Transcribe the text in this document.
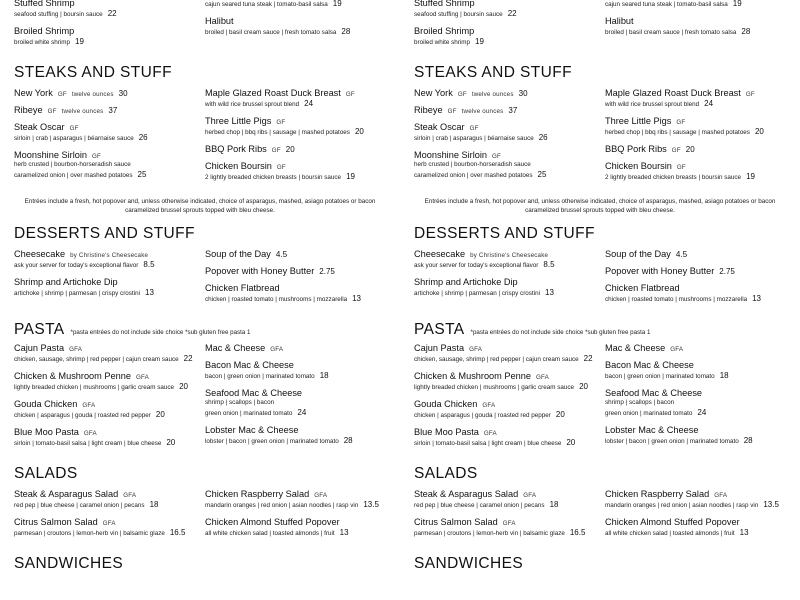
Stuffed Shrimp
seafood stuffing | boursin sauce 22
Broiled Shrimp
broiled white shrimp 19
cajun seared tuna steak | tomato-basil salsa 19
Halibut
broiled | basil cream sauce | fresh tomato salsa 28
STEAKS AND STUFF
New York GF twelve ounces 30
Ribeye GF twelve ounces 37
Steak Oscar GF
sirloin | crab | asparagus | béarnaise sauce 26
Moonshine Sirloin GF
herb crusted | bourbon-horseradish sauce
caramelized onion | over mashed potatoes 25
Maple Glazed Roast Duck Breast GF
with wild rice brussel sprout blend 24
Three Little Pigs GF
herbed chop | bbq ribs | sausage | mashed potatoes 20
BBQ Pork Ribs GF 20
Chicken Boursin GF
2 lightly breaded chicken breasts | boursin sauce 19
Entrées include a fresh, hot popover and, unless otherwise indicated, choice of asparagus, mashed, asiago potatoes or bacon caramelized brussel sprouts topped with bleu cheese.
DESSERTS AND STUFF
Cheesecake by Christine's Cheesecake
ask your server for today's exceptional flavor 8.5
Shrimp and Artichoke Dip
artichoke | shrimp | parmesan | crispy crostini 13
Soup of the Day 4.5
Popover with Honey Butter 2.75
Chicken Flatbread
chicken | roasted tomato | mushrooms | mozzarella 13
PASTA *pasta entrées do not include side choice *sub gluten free pasta 1
Cajun Pasta GFA
chicken, sausage, shrimp | red pepper | cajun cream sauce 22
Chicken & Mushroom Penne GFA
lightly breaded chicken | mushrooms | garlic cream sauce 20
Gouda Chicken GFA
chicken | asparagus | gouda | roasted red pepper 20
Blue Moo Pasta GFA
sirloin | tomato-basil salsa | light cream | blue cheese 20
Mac & Cheese GFA
Bacon Mac & Cheese
bacon | green onion | marinated tomato 18
Seafood Mac & Cheese
shrimp | scallops | bacon
green onion | marinated tomato 24
Lobster Mac & Cheese
lobster | bacon | green onion | marinated tomato 28
SALADS
Steak & Asparagus Salad GFA
red pep | blue cheese | caramel onion | pecans 18
Citrus Salmon Salad GFA
parmesan | croutons | lemon-herb vin | balsamic glaze 16.5
Chicken Raspberry Salad GFA
mandarin oranges | red onion | asian noodles | rasp vin 13.5
Chicken Almond Stuffed Popover
all white chicken salad | toasted almonds | fruit 13
SANDWICHES
Stuffed Shrimp
seafood stuffing | boursin sauce 22
Broiled Shrimp
broiled white shrimp 19
cajun seared tuna steak | tomato-basil salsa 19
Halibut
broiled | basil cream sauce | fresh tomato salsa 28
STEAKS AND STUFF
New York GF twelve ounces 30
Ribeye GF twelve ounces 37
Steak Oscar GF
sirloin | crab | asparagus | béarnaise sauce 26
Moonshine Sirloin GF
herb crusted | bourbon-horseradish sauce
caramelized onion | over mashed potatoes 25
Maple Glazed Roast Duck Breast GF
with wild rice brussel sprout blend 24
Three Little Pigs GF
herbed chop | bbq ribs | sausage | mashed potatoes 20
BBQ Pork Ribs GF 20
Chicken Boursin GF
2 lightly breaded chicken breasts | boursin sauce 19
Entrées include a fresh, hot popover and, unless otherwise indicated, choice of asparagus, mashed, asiago potatoes or bacon caramelized brussel sprouts topped with bleu cheese.
DESSERTS AND STUFF
Cheesecake by Christine's Cheesecake
ask your server for today's exceptional flavor 8.5
Shrimp and Artichoke Dip
artichoke | shrimp | parmesan | crispy crostini 13
Soup of the Day 4.5
Popover with Honey Butter 2.75
Chicken Flatbread
chicken | roasted tomato | mushrooms | mozzarella 13
PASTA *pasta entrées do not include side choice *sub gluten free pasta 1
Cajun Pasta GFA
chicken, sausage, shrimp | red pepper | cajun cream sauce 22
Chicken & Mushroom Penne GFA
lightly breaded chicken | mushrooms | garlic cream sauce 20
Gouda Chicken GFA
chicken | asparagus | gouda | roasted red pepper 20
Blue Moo Pasta GFA
sirloin | tomato-basil salsa | light cream | blue cheese 20
Mac & Cheese GFA
Bacon Mac & Cheese
bacon | green onion | marinated tomato 18
Seafood Mac & Cheese
shrimp | scallops | bacon
green onion | marinated tomato 24
Lobster Mac & Cheese
lobster | bacon | green onion | marinated tomato 28
SALADS
Steak & Asparagus Salad GFA
red pep | blue cheese | caramel onion | pecans 18
Citrus Salmon Salad GFA
parmesan | croutons | lemon-herb vin | balsamic glaze 16.5
Chicken Raspberry Salad GFA
mandarin oranges | red onion | asian noodles | rasp vin 13.5
Chicken Almond Stuffed Popover
all white chicken salad | toasted almonds | fruit 13
SANDWICHES
